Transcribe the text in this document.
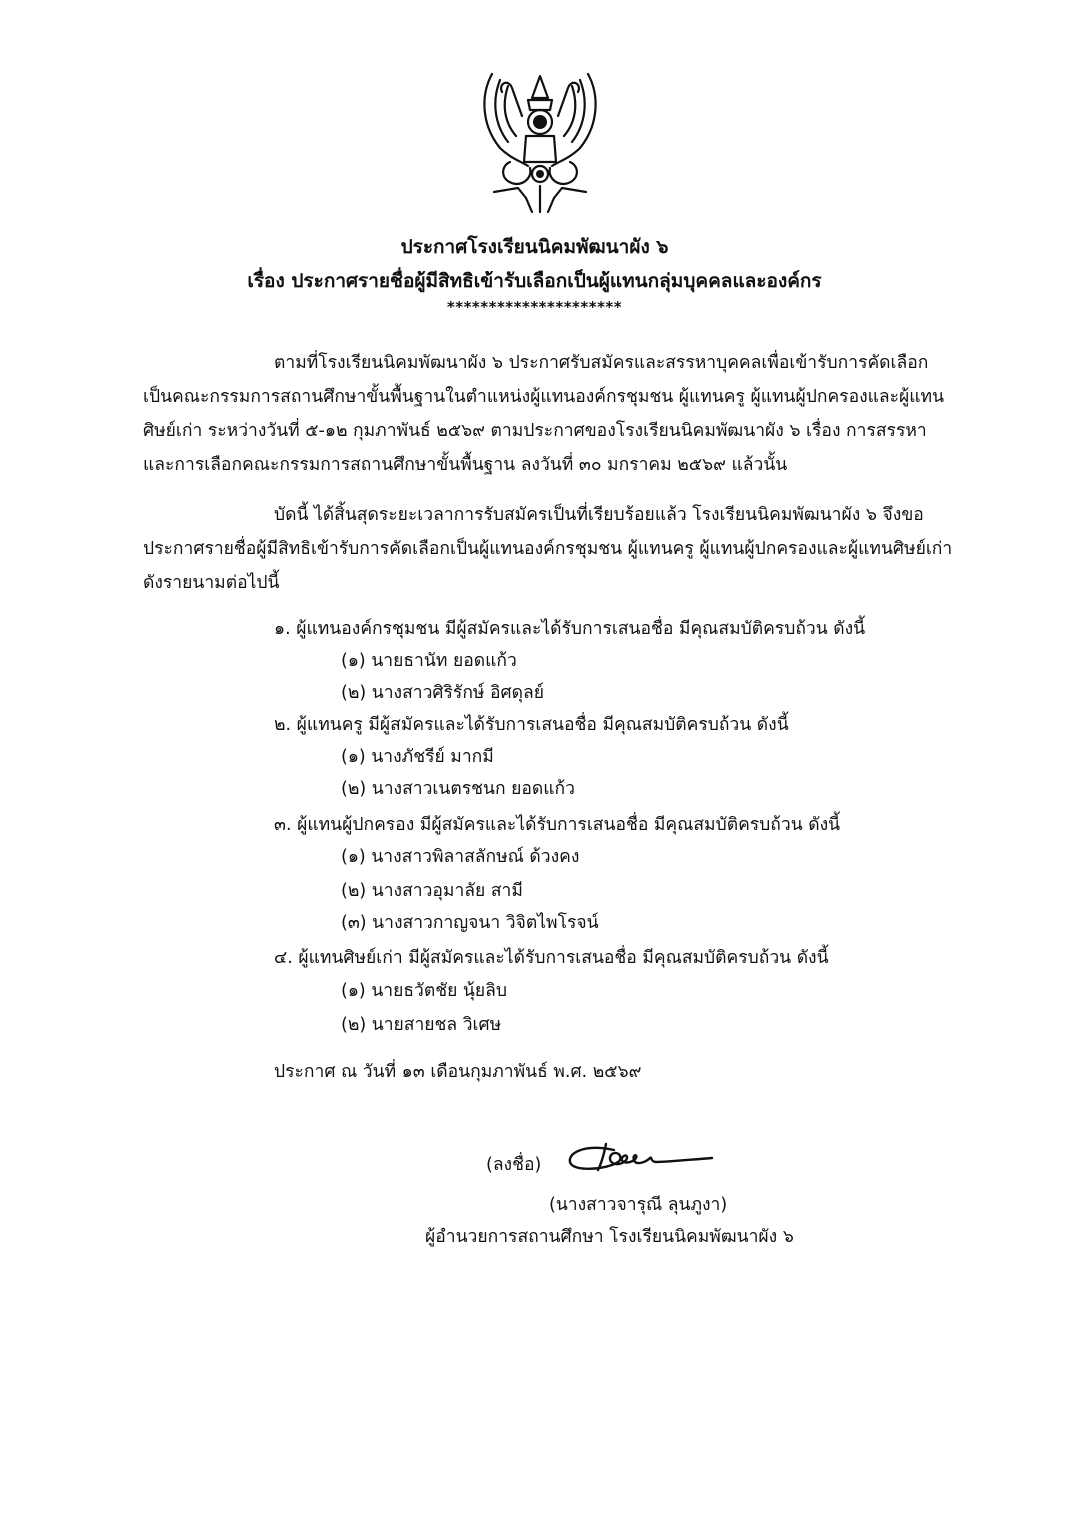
ประกาศโรงเรียนนิคมพัฒนาผัง ๖
เรื่อง ประกาศรายชื่อผู้มีสิทธิเข้ารับเลือกเป็นผู้แทนกลุ่มบุคคลและองค์กร
*********************
ตามที่โรงเรียนนิคมพัฒนาผัง ๖ ประกาศรับสมัครและสรรหาบุคคลเพื่อเข้ารับการคัดเลือก
เป็นคณะกรรมการสถานศึกษาขั้นพื้นฐานในตำแหน่งผู้แทนองค์กรชุมชน ผู้แทนครู ผู้แทนผู้ปกครองและผู้แทน
ศิษย์เก่า ระหว่างวันที่ ๕-๑๒ กุมภาพันธ์ ๒๕๖๙ ตามประกาศของโรงเรียนนิคมพัฒนาผัง ๖ เรื่อง การสรรหา
และการเลือกคณะกรรมการสถานศึกษาขั้นพื้นฐาน ลงวันที่ ๓๐ มกราคม ๒๕๖๙ แล้วนั้น
บัดนี้ ได้สิ้นสุดระยะเวลาการรับสมัครเป็นที่เรียบร้อยแล้ว โรงเรียนนิคมพัฒนาผัง ๖ จึงขอ
ประกาศรายชื่อผู้มีสิทธิเข้ารับการคัดเลือกเป็นผู้แทนองค์กรชุมชน ผู้แทนครู ผู้แทนผู้ปกครองและผู้แทนศิษย์เก่า
ดังรายนามต่อไปนี้
๑. ผู้แทนองค์กรชุมชน มีผู้สมัครและได้รับการเสนอชื่อ มีคุณสมบัติครบถ้วน ดังนี้
(๑) นายธานัท ยอดแก้ว
(๒) นางสาวศิริรักษ์ อิศดุลย์
๒. ผู้แทนครู มีผู้สมัครและได้รับการเสนอชื่อ มีคุณสมบัติครบถ้วน ดังนี้
(๑) นางภัชรีย์ มากมี
(๒) นางสาวเนตรชนก ยอดแก้ว
๓. ผู้แทนผู้ปกครอง มีผู้สมัครและได้รับการเสนอชื่อ มีคุณสมบัติครบถ้วน ดังนี้
(๑) นางสาวพิลาสลักษณ์ ด้วงคง
(๒) นางสาวอุมาลัย สามี
(๓) นางสาวกาญจนา วิจิตไพโรจน์
๔. ผู้แทนศิษย์เก่า มีผู้สมัครและได้รับการเสนอชื่อ มีคุณสมบัติครบถ้วน ดังนี้
(๑) นายธวัตชัย นุ้ยลิบ
(๒) นายสายชล วิเศษ
ประกาศ ณ วันที่ ๑๓ เดือนกุมภาพันธ์ พ.ศ. ๒๕๖๙
(ลงชื่อ)
(นางสาวจารุณี ลุนภูงา)
ผู้อำนวยการสถานศึกษา โรงเรียนนิคมพัฒนาผัง ๖
